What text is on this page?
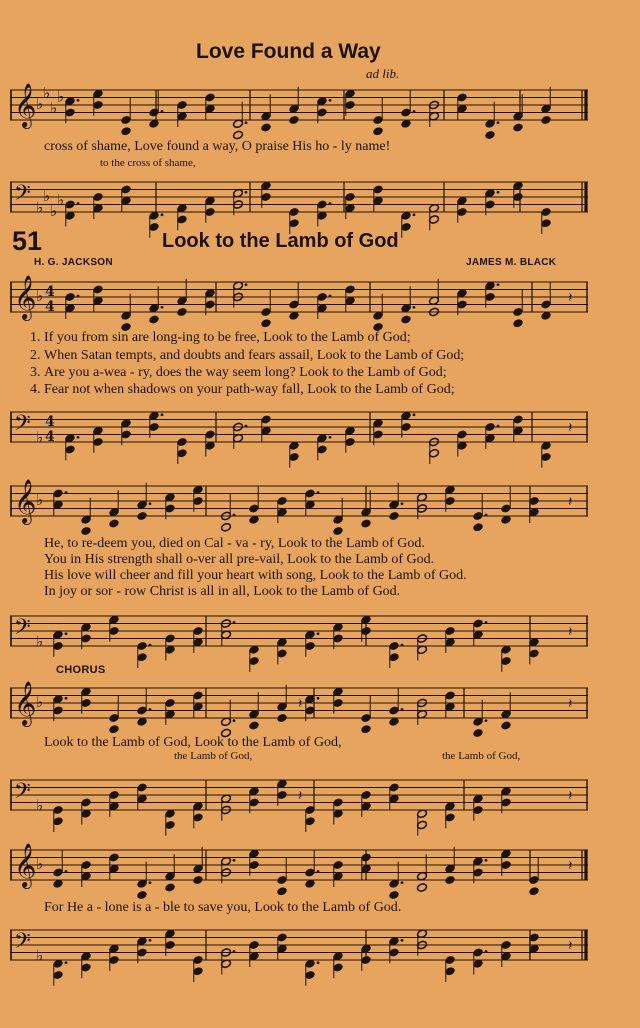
Love Found a Way
ad lib.
𝄞 ♭
♭
♭
♭
cross of shame, Love found a way, O praise His ho - ly name!
to the cross of shame,
𝄢 ♭
♭
♭
♭
51	Look to the Lamb of God
H. G. JACKSON	JAMES M. BLACK
𝄞 ♭ 4
4
𝄽
1. If you from sin are long-ing to be free, Look to the Lamb of God;
2. When Satan tempts, and doubts and fears assail, Look to the Lamb of God;
3. Are you a-wea - ry, does the way seem long? Look to the Lamb of God;
4. Fear not when shadows on your path-way fall, Look to the Lamb of God;
𝄢 ♭
4
4
𝄽
𝄞 ♭	𝄽
He, to re-deem you, died on Cal - va - ry, Look to the Lamb of God.
You in His strength shall o-ver all pre-vail, Look to the Lamb of God.
His love will cheer and fill your heart with song, Look to the Lamb of God.
In joy or sor - row Christ is all in all, Look to the Lamb of God.
𝄢 ♭
𝄽
CHORUS
𝄞 ♭	𝄽	𝄽
Look to the Lamb of God, Look to the Lamb of God,
the Lamb of God,	the Lamb of God,
𝄢 ♭
𝄽	𝄽
𝄞 ♭	𝄽
For He a - lone is a - ble to save you, Look to the Lamb of God.
𝄢 ♭
𝄽
